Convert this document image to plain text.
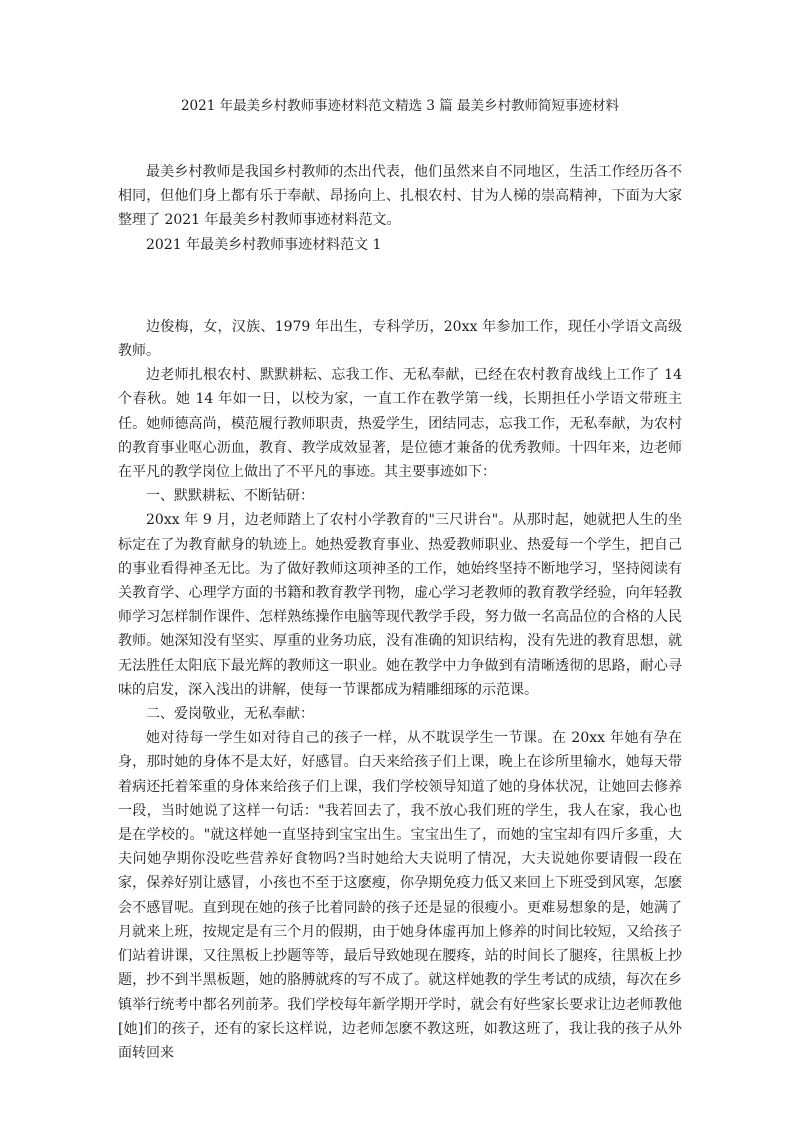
2021 年最美乡村教师事迹材料范文精选 3 篇 最美乡村教师简短事迹材料

最美乡村教师是我国乡村教师的杰出代表，他们虽然来自不同地区，生活工作经历各不相同，但他们身上都有乐于奉献、昂扬向上、扎根农村、甘为人梯的崇高精神，下面为大家整理了 2021 年最美乡村教师事迹材料范文。

2021 年最美乡村教师事迹材料范文 1

边俊梅，女，汉族、1979 年出生，专科学历，20xx 年参加工作，现任小学语文高级教师。

边老师扎根农村、默默耕耘、忘我工作、无私奉献，已经在农村教育战线上工作了 14 个春秋。她 14 年如一日，以校为家，一直工作在教学第一线，长期担任小学语文带班主任。她师德高尚，模范履行教师职责，热爱学生，团结同志，忘我工作，无私奉献，为农村的教育事业呕心沥血，教育、教学成效显著，是位德才兼备的优秀教师。十四年来，边老师在平凡的教学岗位上做出了不平凡的事迹。其主要事迹如下：

一、默默耕耘、不断钻研：

20xx 年 9 月，边老师踏上了农村小学教育的"三尺讲台"。从那时起，她就把人生的坐标定在了为教育献身的轨迹上。她热爱教育事业、热爱教师职业、热爱每一个学生，把自己的事业看得神圣无比。为了做好教师这项神圣的工作，她始终坚持不断地学习，坚持阅读有关教育学、心理学方面的书籍和教育教学刊物，虚心学习老教师的教育教学经验，向年轻教师学习怎样制作课件、怎样熟练操作电脑等现代教学手段，努力做一名高品位的合格的人民教师。她深知没有坚实、厚重的业务功底，没有准确的知识结构，没有先进的教育思想，就无法胜任太阳底下最光辉的教师这一职业。她在教学中力争做到有清晰透彻的思路，耐心寻味的启发，深入浅出的讲解，使每一节课都成为精雕细琢的示范课。

二、爱岗敬业，无私奉献：

她对待每一学生如对待自己的孩子一样，从不耽误学生一节课。在 20xx 年她有孕在身，那时她的身体不是太好，好感冒。白天来给孩子们上课，晚上在诊所里输水，她每天带着病还托着笨重的身体来给孩子们上课，我们学校领导知道了她的身体状况，让她回去修养一段，当时她说了这样一句话："我若回去了，我不放心我们班的学生，我人在家，我心也是在学校的。"就这样她一直坚持到宝宝出生。宝宝出生了，而她的宝宝却有四斤多重，大夫问她孕期你没吃些营养好食物吗?当时她给大夫说明了情况，大夫说她你要请假一段在家，保养好别让感冒，小孩也不至于这麽瘦，你孕期免疫力低又来回上下班受到风寒，怎麽会不感冒呢。直到现在她的孩子比着同龄的孩子还是显的很瘦小。更难易想象的是，她满了月就来上班，按规定是有三个月的假期，由于她身体虚再加上修养的时间比较短，又给孩子们站着讲课，又往黑板上抄题等等，最后导致她现在腰疼，站的时间长了腿疼，往黑板上抄题，抄不到半黑板题，她的胳膊就疼的写不成了。就这样她教的学生考试的成绩，每次在乡镇举行统考中都名列前茅。我们学校每年新学期开学时，就会有好些家长要求让边老师教他[她]们的孩子，还有的家长这样说，边老师怎麽不教这班，如教这班了，我让我的孩子从外面转回来
